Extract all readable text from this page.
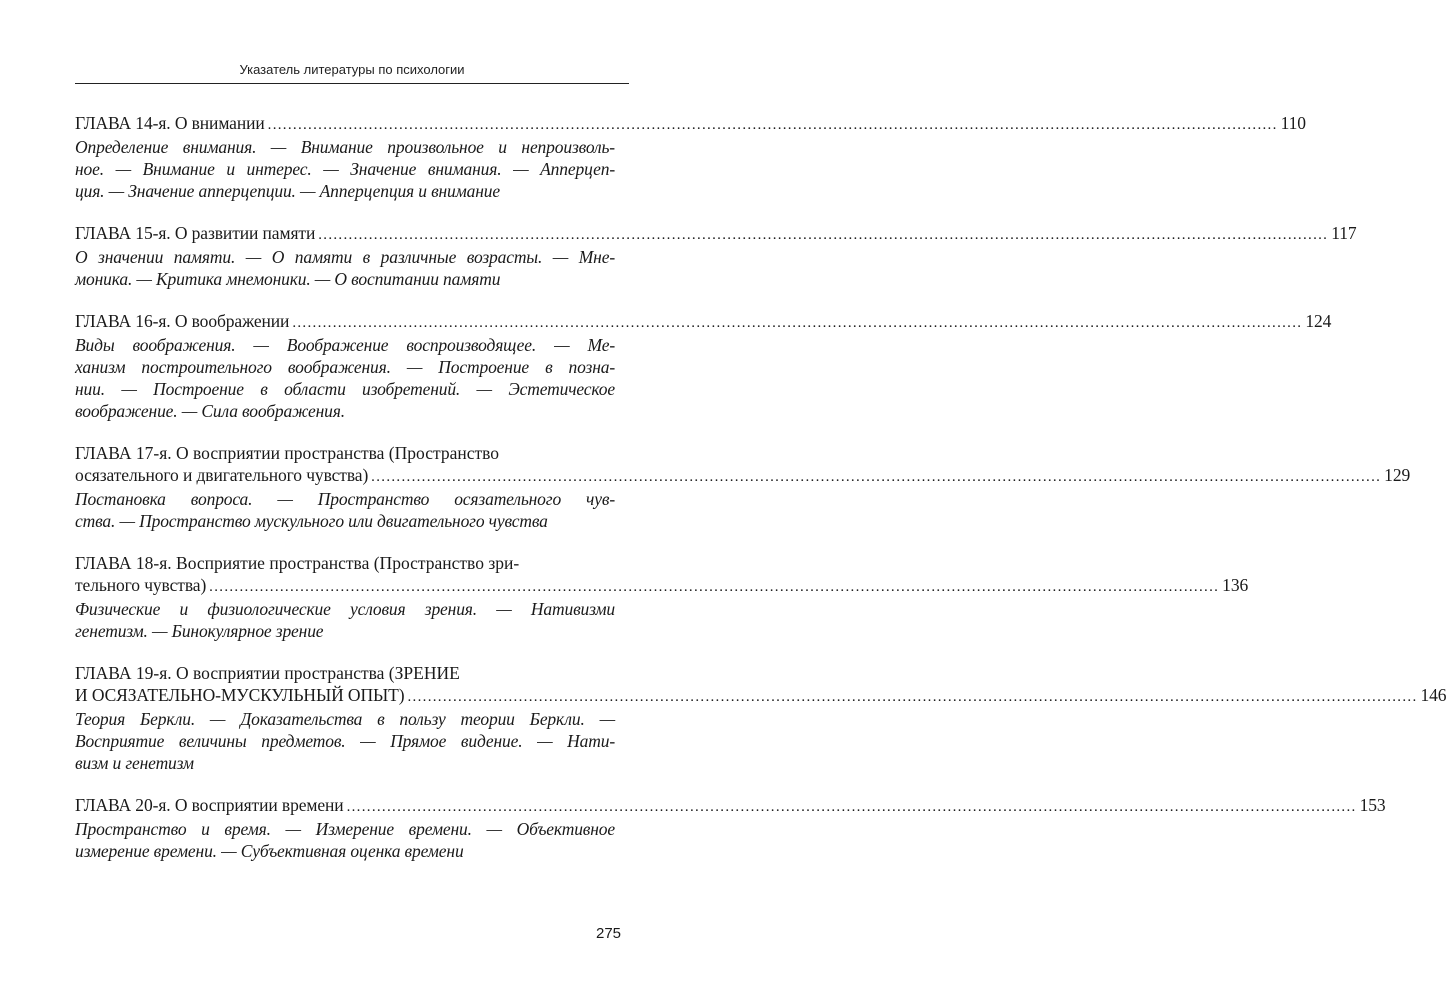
Указатель литературы по психологии
ГЛАВА 14-я. О внимании ........................................................................................................................................................................................................ 110
Определение внимания. — Внимание произвольное и непроизволь-
ное. — Внимание и интерес. — Значение внимания. — Апперцеп-
ция. — Значение апперцепции. — Апперцепция и внимание
ГЛАВА 15-я. О развитии памяти ........................................................................................................................................................................................................ 117
О значении памяти. — О памяти в различные возрасты. — Мне-
моника. — Критика мнемоники. — О воспитании памяти
ГЛАВА 16-я. О воображении ........................................................................................................................................................................................................ 124
Виды воображения. — Воображение воспроизводящее. — Ме-
ханизм построительного воображения. — Построение в позна-
нии. — Построение в области изобретений. — Эстетическое
воображение. — Сила воображения.
ГЛАВА 17-я. О восприятии пространства (Пространство
осязательного и двигательного чувства) ........................................................................................................................................................................................................ 129
Постановка вопроса. — Пространство осязательного чув-
ства. — Пространство мускульного или двигательного чувства
ГЛАВА 18-я. Восприятие пространства (Пространство зри-
тельного чувства) ........................................................................................................................................................................................................ 136
Физические и физиологические условия зрения. — Нативизми
генетизм. — Бинокулярное зрение
ГЛАВА 19-я. О восприятии пространства (ЗРЕНИЕ
И ОСЯЗАТЕЛЬНО-МУСКУЛЬНЫЙ ОПЫТ) ........................................................................................................................................................................................................ 146
Теория Беркли. — Доказательства в пользу теории Беркли. —
Восприятие величины предметов. — Прямое видение. — Нати-
визм и генетизм
ГЛАВА 20-я. О восприятии времени ........................................................................................................................................................................................................ 153
Пространство и время. — Измерение времени. — Объективное
измерение времени. — Субъективная оценка времени
275
